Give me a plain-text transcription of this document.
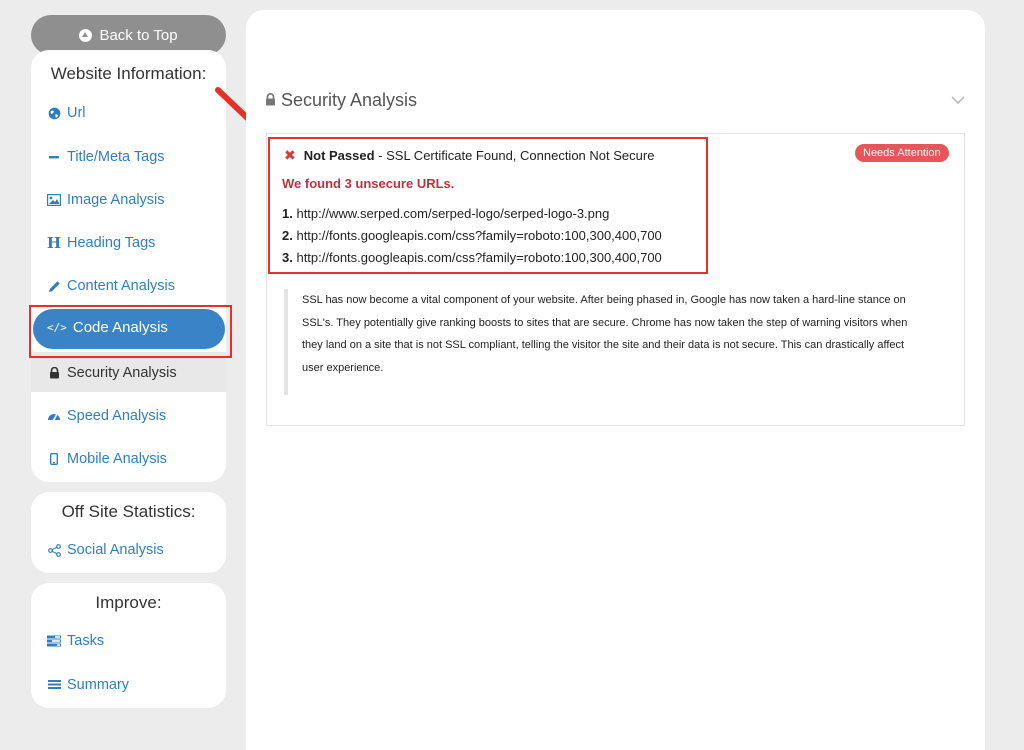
Back to Top
Website Information:
Url
Title/Meta Tags
Image Analysis
H Heading Tags
Content Analysis
</> Code Analysis
Security Analysis
Speed Analysis
Mobile Analysis
Off Site Statistics:
Social Analysis
Improve:
Tasks
Summary
Security Analysis
Needs Attention
✖ Not Passed - SSL Certificate Found, Connection Not Secure
We found 3 unsecure URLs.
1. http://www.serped.com/serped-logo/serped-logo-3.png
2. http://fonts.googleapis.com/css?family=roboto:100,300,400,700
3. http://fonts.googleapis.com/css?family=roboto:100,300,400,700

SSL has now become a vital component of your website. After being phased in, Google has now taken a hard-line stance on SSL's. They potentially give ranking boosts to sites that are secure. Chrome has now taken the step of warning visitors when they land on a site that is not SSL compliant, telling the visitor the site and their data is not secure. This can drastically affect user experience.
